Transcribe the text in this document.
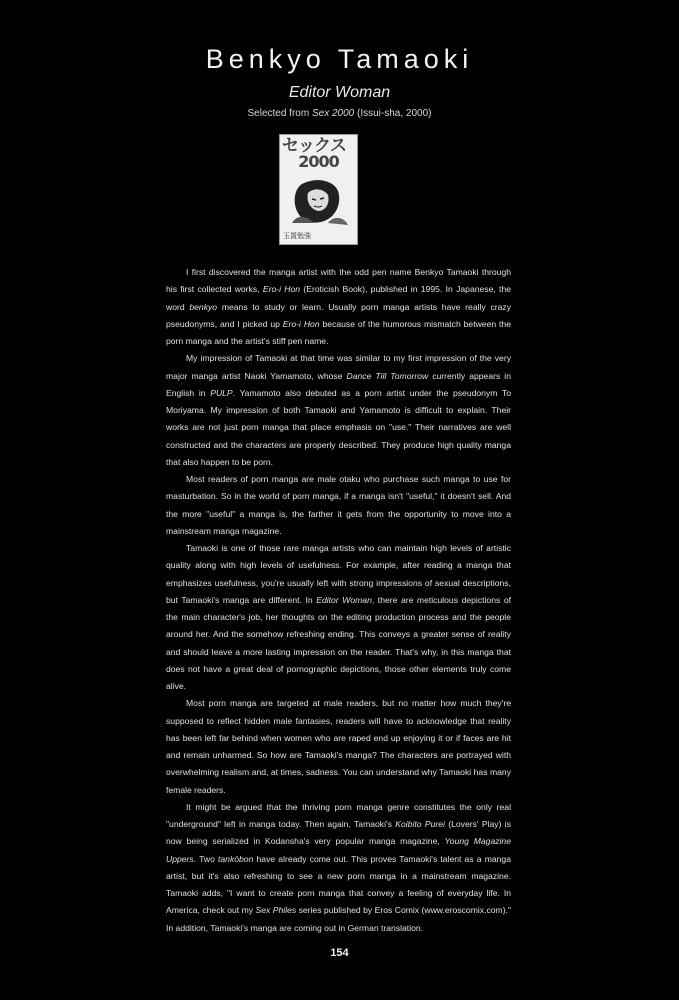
Benkyo Tamaoki
Editor Woman
Selected from Sex 2000 (Issui-sha, 2000)
セックス
2000
玉置勉強

I first discovered the manga artist with the odd pen name Benkyo Tamaoki through his first collected works, Ero-i Hon (Eroticish Book), published in 1995. In Japanese, the word benkyo means to study or learn. Usually porn manga artists have really crazy pseudonyms, and I picked up Ero-i Hon because of the humorous mismatch between the porn manga and the artist's stiff pen name.

My impression of Tamaoki at that time was similar to my first impression of the very major manga artist Naoki Yamamoto, whose Dance Till Tomorrow currently appears in English in PULP. Yamamoto also debuted as a porn artist under the pseudonym To Moriyama. My impression of both Tamaoki and Yamamoto is difficult to explain. Their works are not just porn manga that place emphasis on "use." Their narratives are well constructed and the characters are properly described. They produce high quality manga that also happen to be porn.

Most readers of porn manga are male otaku who purchase such manga to use for masturbation. So in the world of porn manga, if a manga isn't "useful," it doesn't sell. And the more "useful" a manga is, the farther it gets from the opportunity to move into a mainstream manga magazine.

Tamaoki is one of those rare manga artists who can maintain high levels of artistic quality along with high levels of usefulness. For example, after reading a manga that emphasizes usefulness, you're usually left with strong impressions of sexual descriptions, but Tamaoki's manga are different. In Editor Woman, there are meticulous depictions of the main character's job, her thoughts on the editing production process and the people around her. And the somehow refreshing ending. This conveys a greater sense of reality and should leave a more lasting impression on the reader. That's why, in this manga that does not have a great deal of pornographic depictions, those other elements truly come alive.

Most porn manga are targeted at male readers, but no matter how much they're supposed to reflect hidden male fantasies, readers will have to acknowledge that reality has been left far behind when women who are raped end up enjoying it or if faces are hit and remain unharmed. So how are Tamaoki's manga? The characters are portrayed with overwhelming realism and, at times, sadness. You can understand why Tamaoki has many female readers.

It might be argued that the thriving porn manga genre constitutes the only real "underground" left in manga today. Then again, Tamaoki's Koibito Purei (Lovers' Play) is now being serialized in Kodansha's very popular manga magazine, Young Magazine Uppers. Two tankōbon have already come out. This proves Tamaoki's talent as a manga artist, but it's also refreshing to see a new porn manga in a mainstream magazine. Tamaoki adds, "I want to create porn manga that convey a feeling of everyday life. In America, check out my Sex Philes series published by Eros Comix (www.eroscomix.com)." In addition, Tamaoki's manga are coming out in German translation.

154
